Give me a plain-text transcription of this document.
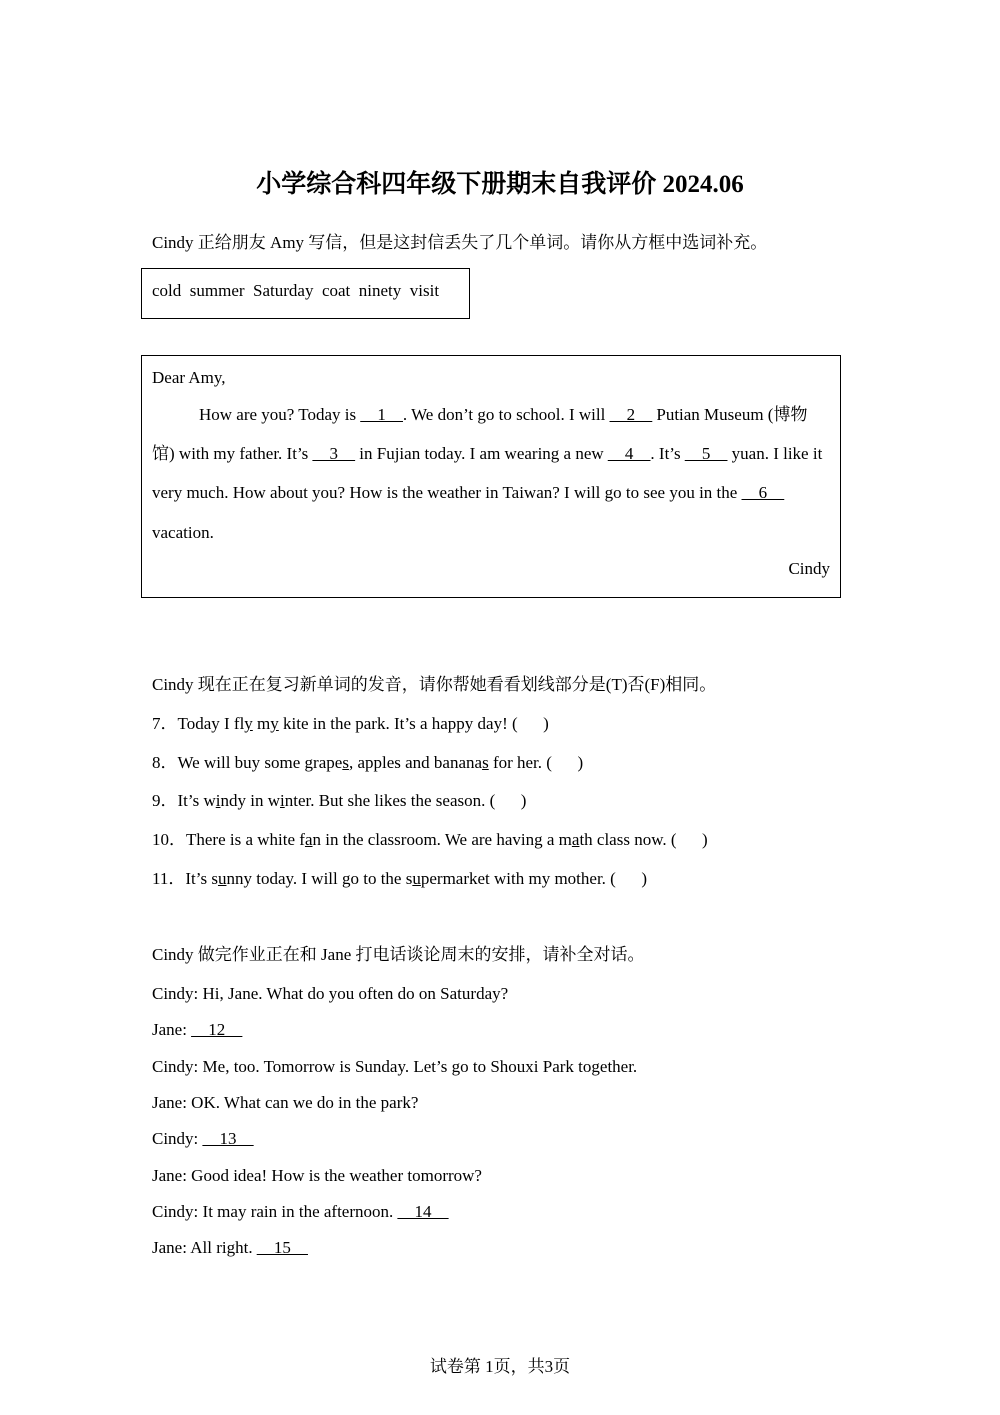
小学综合科四年级下册期末自我评价 2024.06
Cindy 正给朋友 Amy 写信，但是这封信丢失了几个单词。请你从方框中选词补充。
cold  summer  Saturday  coat  ninety  visit
Dear Amy,
How are you? Today is __1__. We don’t go to school. I will __2__ Putian Museum (博物
馆) with my father. It’s __3__ in Fujian today. I am wearing a new __4__. It’s __5__ yuan. I like it
very much. How about you? How is the weather in Taiwan? I will go to see you in the __6__
vacation.
Cindy
Cindy 现在正在复习新单词的发音，请你帮她看看划线部分是(T)否(F)相同。
7．Today I fly my kite in the park. It’s a happy day! (      )
8．We will buy some grapes, apples and bananas for her. (      )
9．It’s windy in winter. But she likes the season. (      )
10．There is a white fan in the classroom. We are having a math class now. (      )
11．It’s sunny today. I will go to the supermarket with my mother. (      )
Cindy 做完作业正在和 Jane 打电话谈论周末的安排，请补全对话。
Cindy: Hi, Jane. What do you often do on Saturday?
Jane: __12__
Cindy: Me, too. Tomorrow is Sunday. Let’s go to Shouxi Park together.
Jane: OK. What can we do in the park?
Cindy: __13__
Jane: Good idea! How is the weather tomorrow?
Cindy: It may rain in the afternoon. __14__
Jane: All right. __15__
试卷第 1页，共3页
